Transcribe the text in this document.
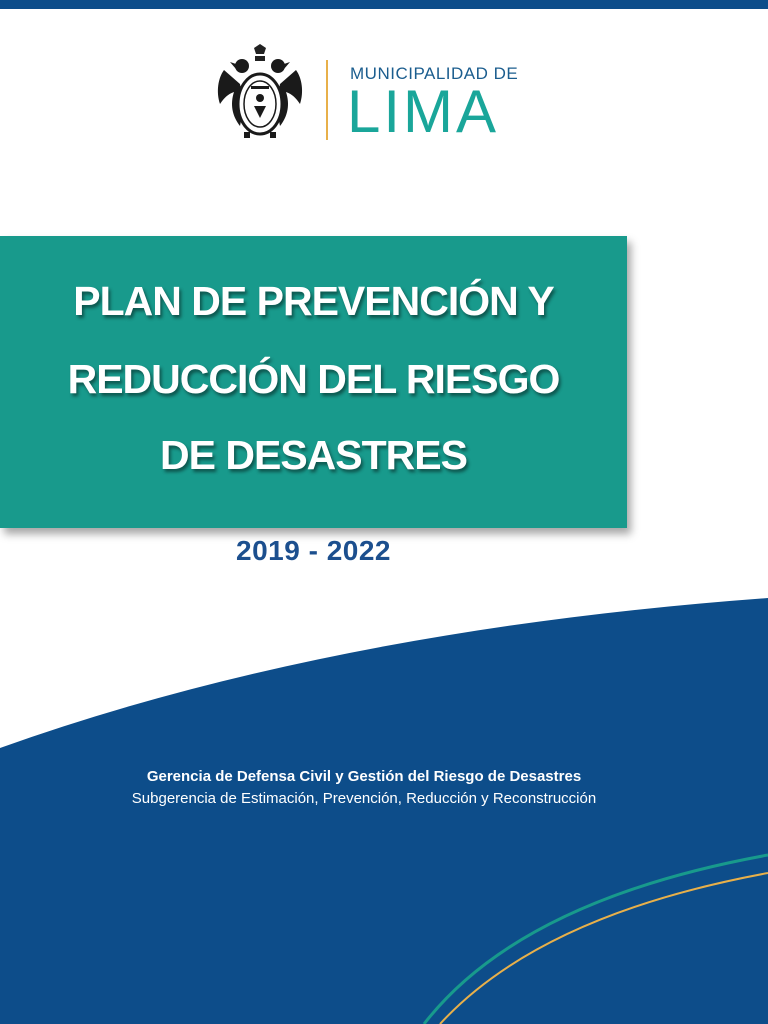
MUNICIPALIDAD DE
LIMA
PLAN DE PREVENCIÓN Y
REDUCCIÓN DEL RIESGO
DE DESASTRES
2019 - 2022
Gerencia de Defensa Civil y Gestión del Riesgo de Desastres
Subgerencia de Estimación, Prevención, Reducción y Reconstrucción
